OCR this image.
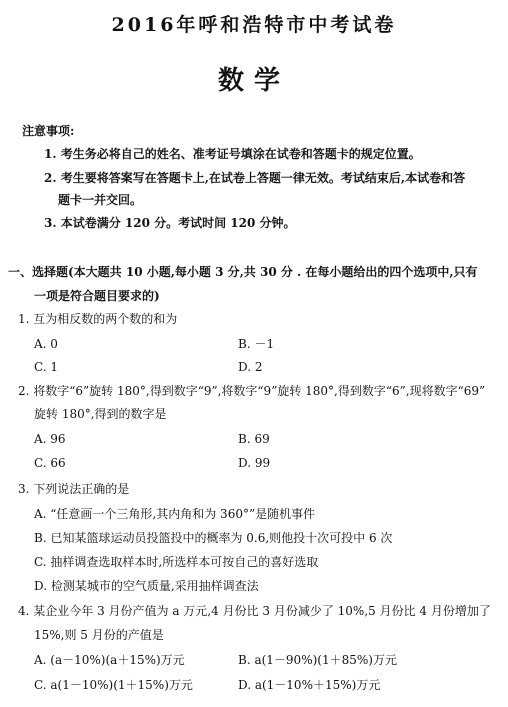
2016年呼和浩特市中考试卷
数学
注意事项:
1. 考生务必将自己的姓名、准考证号填涂在试卷和答题卡的规定位置。
2. 考生要将答案写在答题卡上,在试卷上答题一律无效。考试结束后,本试卷和答
题卡一并交回。
3. 本试卷满分 120 分。考试时间 120 分钟。
一、选择题(本大题共 10 小题,每小题 3 分,共 30 分 . 在每小题给出的四个选项中,只有
一项是符合题目要求的)
1. 互为相反数的两个数的和为
A. 0	B. －1
C. 1	D. 2
2. 将数字“6”旋转 180°,得到数字“9”,将数字“9”旋转 180°,得到数字“6”,现将数字“69”
旋转 180°,得到的数字是
A. 96	B. 69
C. 66	D. 99
3. 下列说法正确的是
A. “任意画一个三角形,其内角和为 360°”是随机事件
B. 已知某篮球运动员投篮投中的概率为 0.6,则他投十次可投中 6 次
C. 抽样调查选取样本时,所选样本可按自己的喜好选取
D. 检测某城市的空气质量,采用抽样调查法
4. 某企业今年 3 月份产值为 a 万元,4 月份比 3 月份减少了 10%,5 月份比 4 月份增加了
15%,则 5 月份的产值是
A. (a－10%)(a＋15%)万元	B. a(1－90%)(1＋85%)万元
C. a(1－10%)(1＋15%)万元	D. a(1－10%＋15%)万元
